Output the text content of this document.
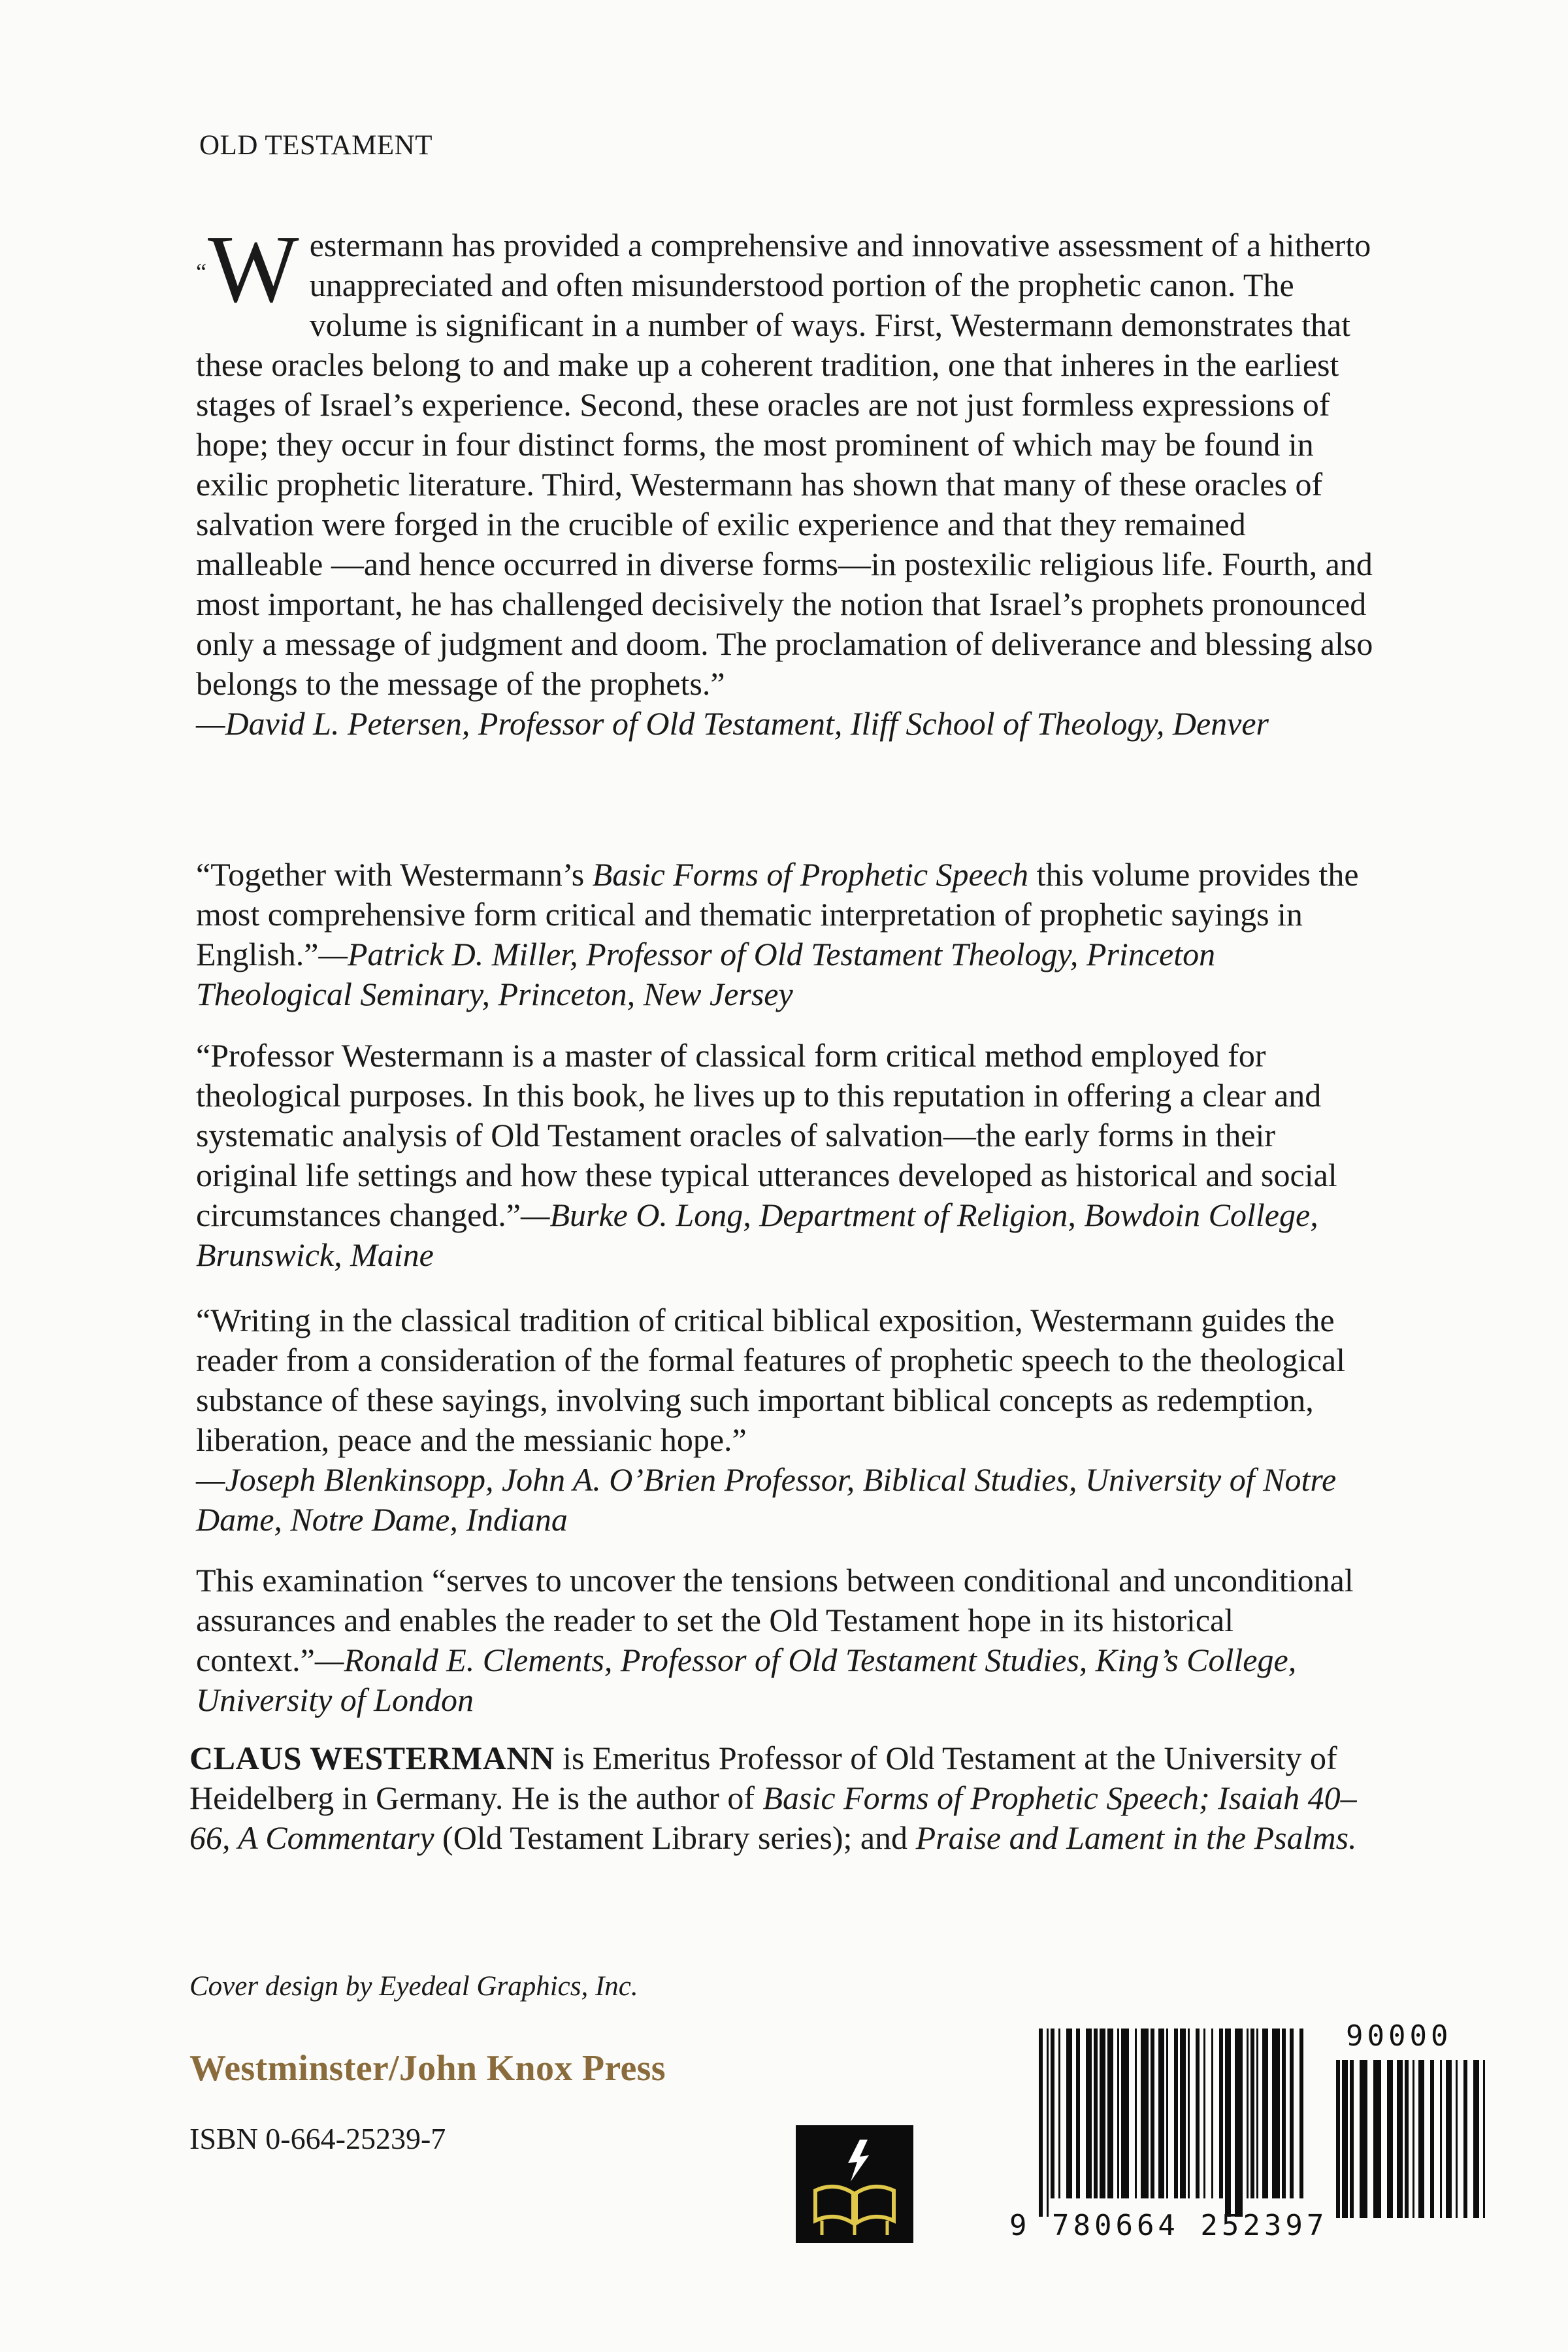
OLD TESTAMENT

“W estermann has provided a comprehensive and innovative assessment of a hitherto unappreciated and often misunderstood portion of the prophetic canon. The volume is significant in a number of ways. First, Westermann demonstrates that these oracles belong to and make up a coherent tradition, one that inheres in the earliest stages of Israel’s experience. Second, these oracles are not just formless expressions of hope; they occur in four distinct forms, the most prominent of which may be found in exilic prophetic literature. Third, Westermann has shown that many of these oracles of salvation were forged in the crucible of exilic experience and that they remained malleable —and hence occurred in diverse forms—in postexilic religious life. Fourth, and most important, he has challenged decisively the notion that Israel’s prophets pronounced only a message of judgment and doom. The proclamation of deliverance and blessing also belongs to the message of the prophets.”

—David L. Petersen, Professor of Old Testament, Iliff School of Theology, Denver

“Together with Westermann’s Basic Forms of Prophetic Speech this volume provides the most comprehensive form critical and thematic interpretation of prophetic sayings in English.”—Patrick D. Miller, Professor of Old Testament Theology, Princeton Theological Seminary, Princeton, New Jersey

“Professor Westermann is a master of classical form critical method employed for theological purposes. In this book, he lives up to this reputation in offering a clear and systematic analysis of Old Testament oracles of salvation—the early forms in their original life settings and how these typical utterances developed as historical and social circumstances changed.”—Burke O. Long, Department of Religion, Bowdoin College, Brunswick, Maine

“Writing in the classical tradition of critical biblical exposition, Westermann guides the reader from a consideration of the formal features of prophetic speech to the theological substance of these sayings, involving such important biblical concepts as redemption, liberation, peace and the messianic hope.”

—Joseph Blenkinsopp, John A. O’Brien Professor, Biblical Studies, University of Notre Dame, Notre Dame, Indiana

This examination “serves to uncover the tensions between conditional and unconditional assurances and enables the reader to set the Old Testament hope in its historical context.”—Ronald E. Clements, Professor of Old Testament Studies, King’s College, University of London

CLAUS WESTERMANN is Emeritus Professor of Old Testament at the University of Heidelberg in Germany. He is the author of Basic Forms of Prophetic Speech; Isaiah 40–66, A Commentary (Old Testament Library series); and Praise and Lament in the Psalms.

Cover design by Eyedeal Graphics, Inc.
Westminster/John Knox Press
ISBN 0-664-25239-7
9 780664 252397
90000
